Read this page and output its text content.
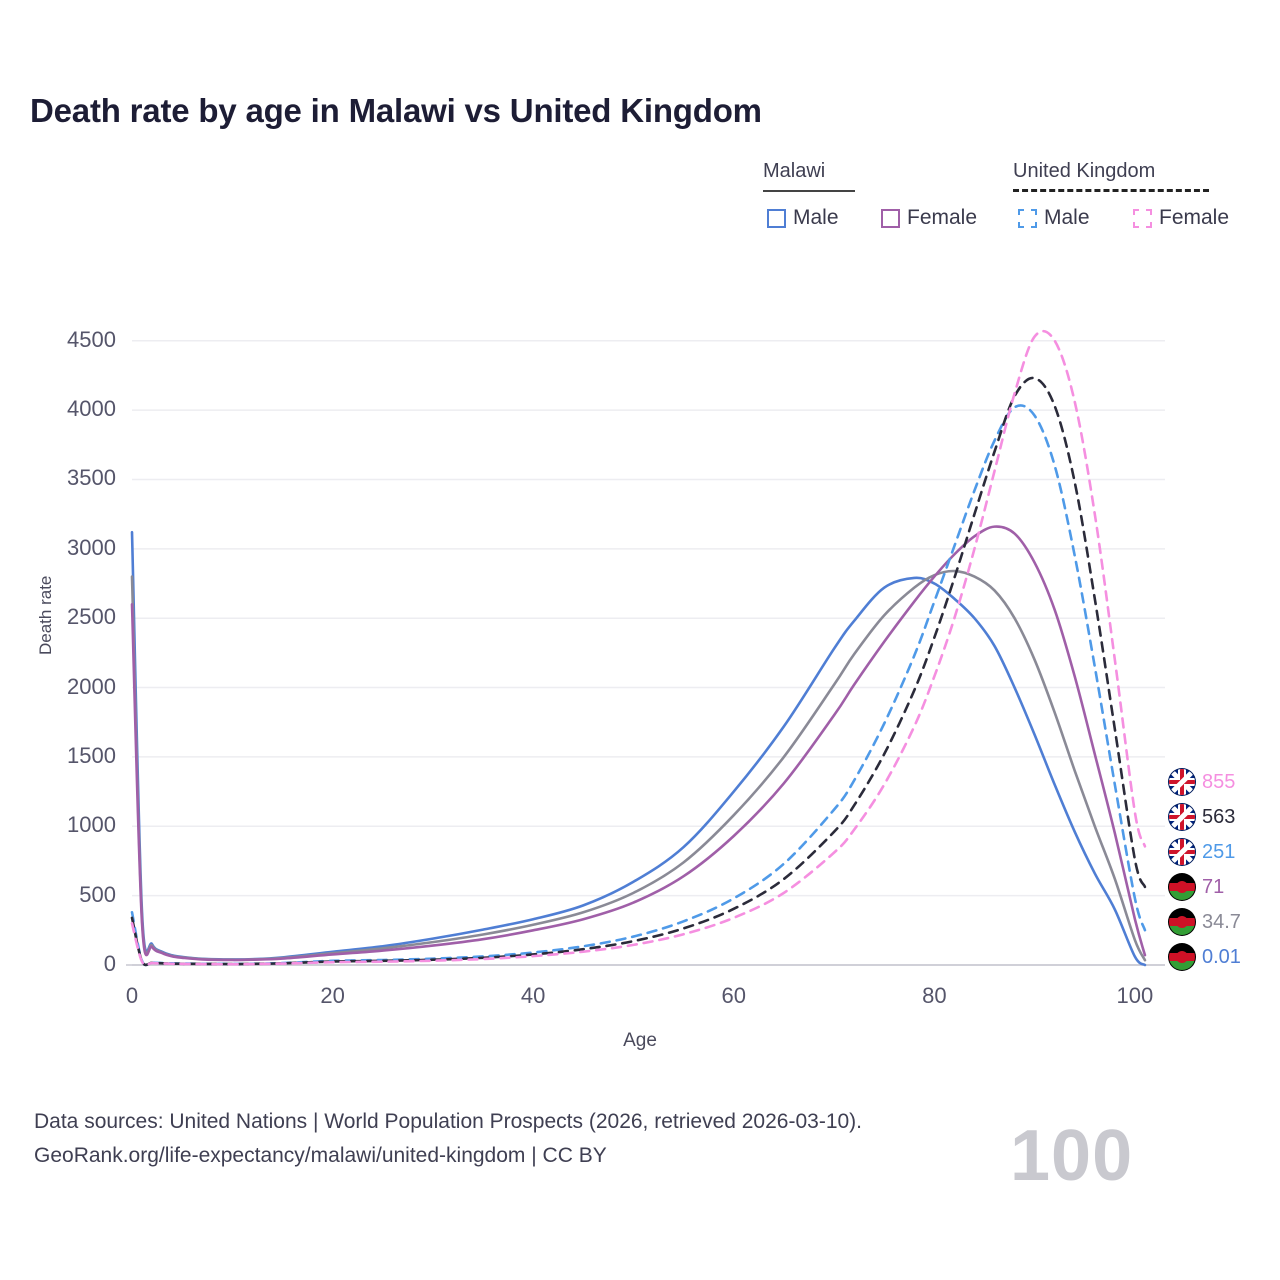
Death rate by age in Malawi vs United Kingdom
Malawi	United Kingdom
Male	Female	Male	Female
Death rate
Age
100
0
500
1000
1500
2000
2500
3000
3500
4000
4500
0	20	40	60	80	100
855
563
251
71
34.7
0.01
Data sources: United Nations | World Population Prospects (2026, retrieved 2026-03-10).
GeoRank.org/life-expectancy/malawi/united-kingdom | CC BY
